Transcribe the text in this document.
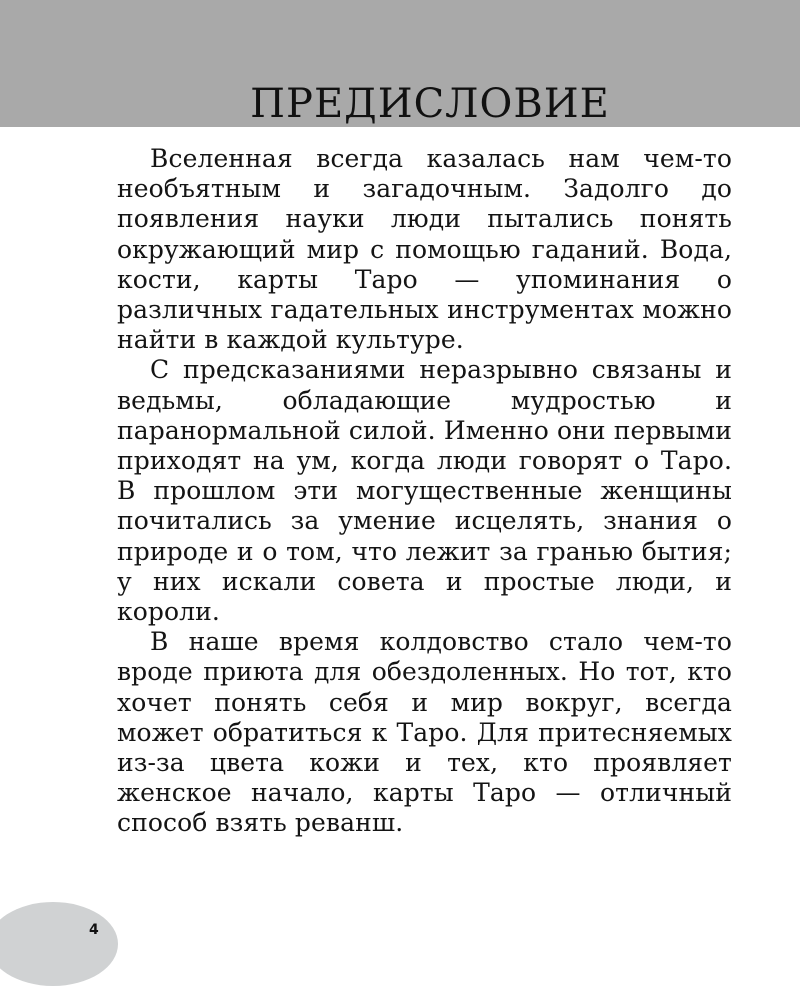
ПРЕДИСЛОВИЕ

Вселенная всегда казалась нам чем-то необъятным и загадочным. Задолго до появления науки люди пытались понять окружающий мир с помощью гаданий. Вода, кости, карты Таро — упоминания о различных гадательных инструментах можно найти в каждой культуре.

С предсказаниями неразрывно связаны и ведьмы, обладающие мудростью и паранормальной силой. Именно они первыми приходят на ум, когда люди говорят о Таро. В прошлом эти могущественные женщины почитались за умение исцелять, знания о природе и о том, что лежит за гранью бытия; у них искали совета и простые люди, и короли.

В наше время колдовство стало чем-то вроде приюта для обездоленных. Но тот, кто хочет понять себя и мир вокруг, всегда может обратиться к Таро. Для притесняемых из-за цвета кожи и тех, кто проявляет женское начало, карты Таро — отличный способ взять реванш.

4
